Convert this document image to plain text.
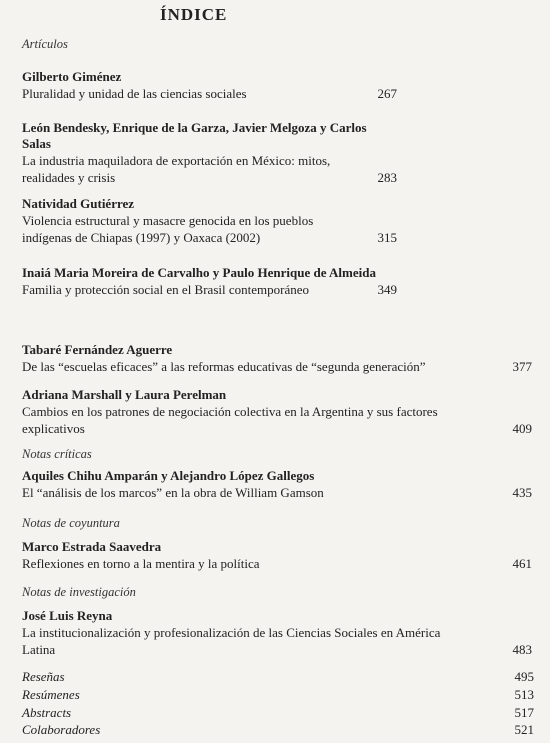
ÍNDICE
Artículos

Gilberto Giménez

Pluralidad y unidad de las ciencias sociales	267

León Bendesky, Enrique de la Garza, Javier Melgoza y Carlos Salas

La industria maquiladora de exportación en México: mitos, realidades y crisis	283

Natividad Gutiérrez

Violencia estructural y masacre genocida en los pueblos indígenas de Chiapas (1997) y Oaxaca (2002)	315

Inaiá Maria Moreira de Carvalho y Paulo Henrique de Almeida

Familia y protección social en el Brasil contemporáneo	349

Tabaré Fernández Aguerre

De las “escuelas eficaces” a las reformas educativas de “segunda generación”	377

Adriana Marshall y Laura Perelman

Cambios en los patrones de negociación colectiva en la Argentina y sus factores explicativos	409

Notas críticas

Aquiles Chihu Amparán y Alejandro López Gallegos

El “análisis de los marcos” en la obra de William Gamson	435

Notas de coyuntura

Marco Estrada Saavedra

Reflexiones en torno a la mentira y la política	461

Notas de investigación

José Luis Reyna

La institucionalización y profesionalización de las Ciencias Sociales en América Latina	483

Reseñas	495
Resúmenes	513
Abstracts	517
Colaboradores	521
